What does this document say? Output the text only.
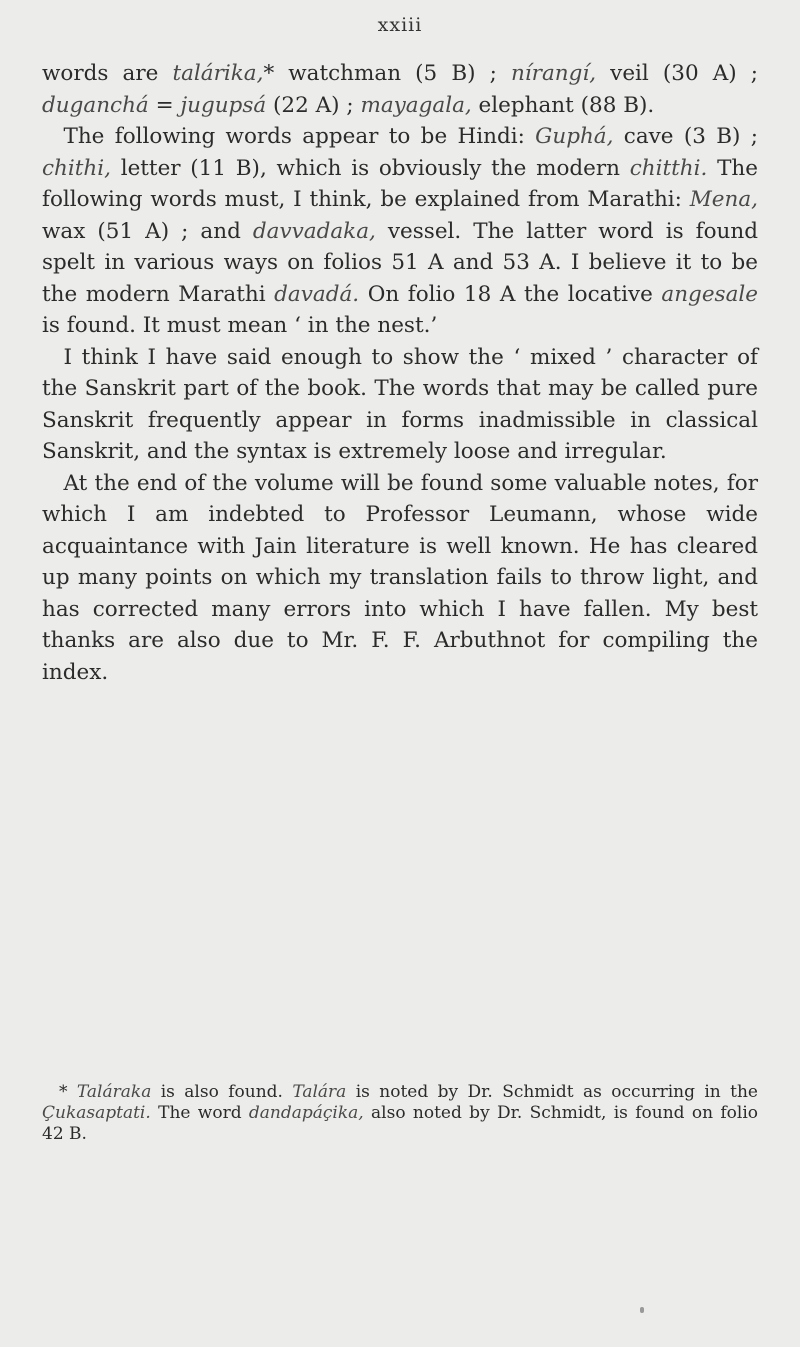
xxiii

words are talárika,* watchman (5 B) ; nírangí, veil (30 A) ; duganchá = jugupsá (22 A) ; mayagala, elephant (88 B).

The following words appear to be Hindi: Guphá, cave (3 B) ; chithi, letter (11 B), which is obviously the modern chitthi. The following words must, I think, be explained from Marathi: Mena, wax (51 A) ; and davvadaka, vessel. The latter word is found spelt in various ways on folios 51 A and 53 A. I believe it to be the modern Marathi davadá. On folio 18 A the locative angesale is found. It must mean ‘ in the nest.’

I think I have said enough to show the ‘ mixed ’ character of the Sanskrit part of the book. The words that may be called pure Sanskrit frequently appear in forms inadmissible in classical Sanskrit, and the syntax is extremely loose and irregular.

At the end of the volume will be found some valuable notes, for which I am indebted to Professor Leumann, whose wide acquaintance with Jain literature is well known. He has cleared up many points on which my translation fails to throw light, and has corrected many errors into which I have fallen. My best thanks are also due to Mr. F. F. Arbuthnot for compiling the index.

* Talárakа is also found. Talára is noted by Dr. Schmidt as occurring in the Çukasaptati. The word dandapáçika, also noted by Dr. Schmidt, is found on folio 42 B.
